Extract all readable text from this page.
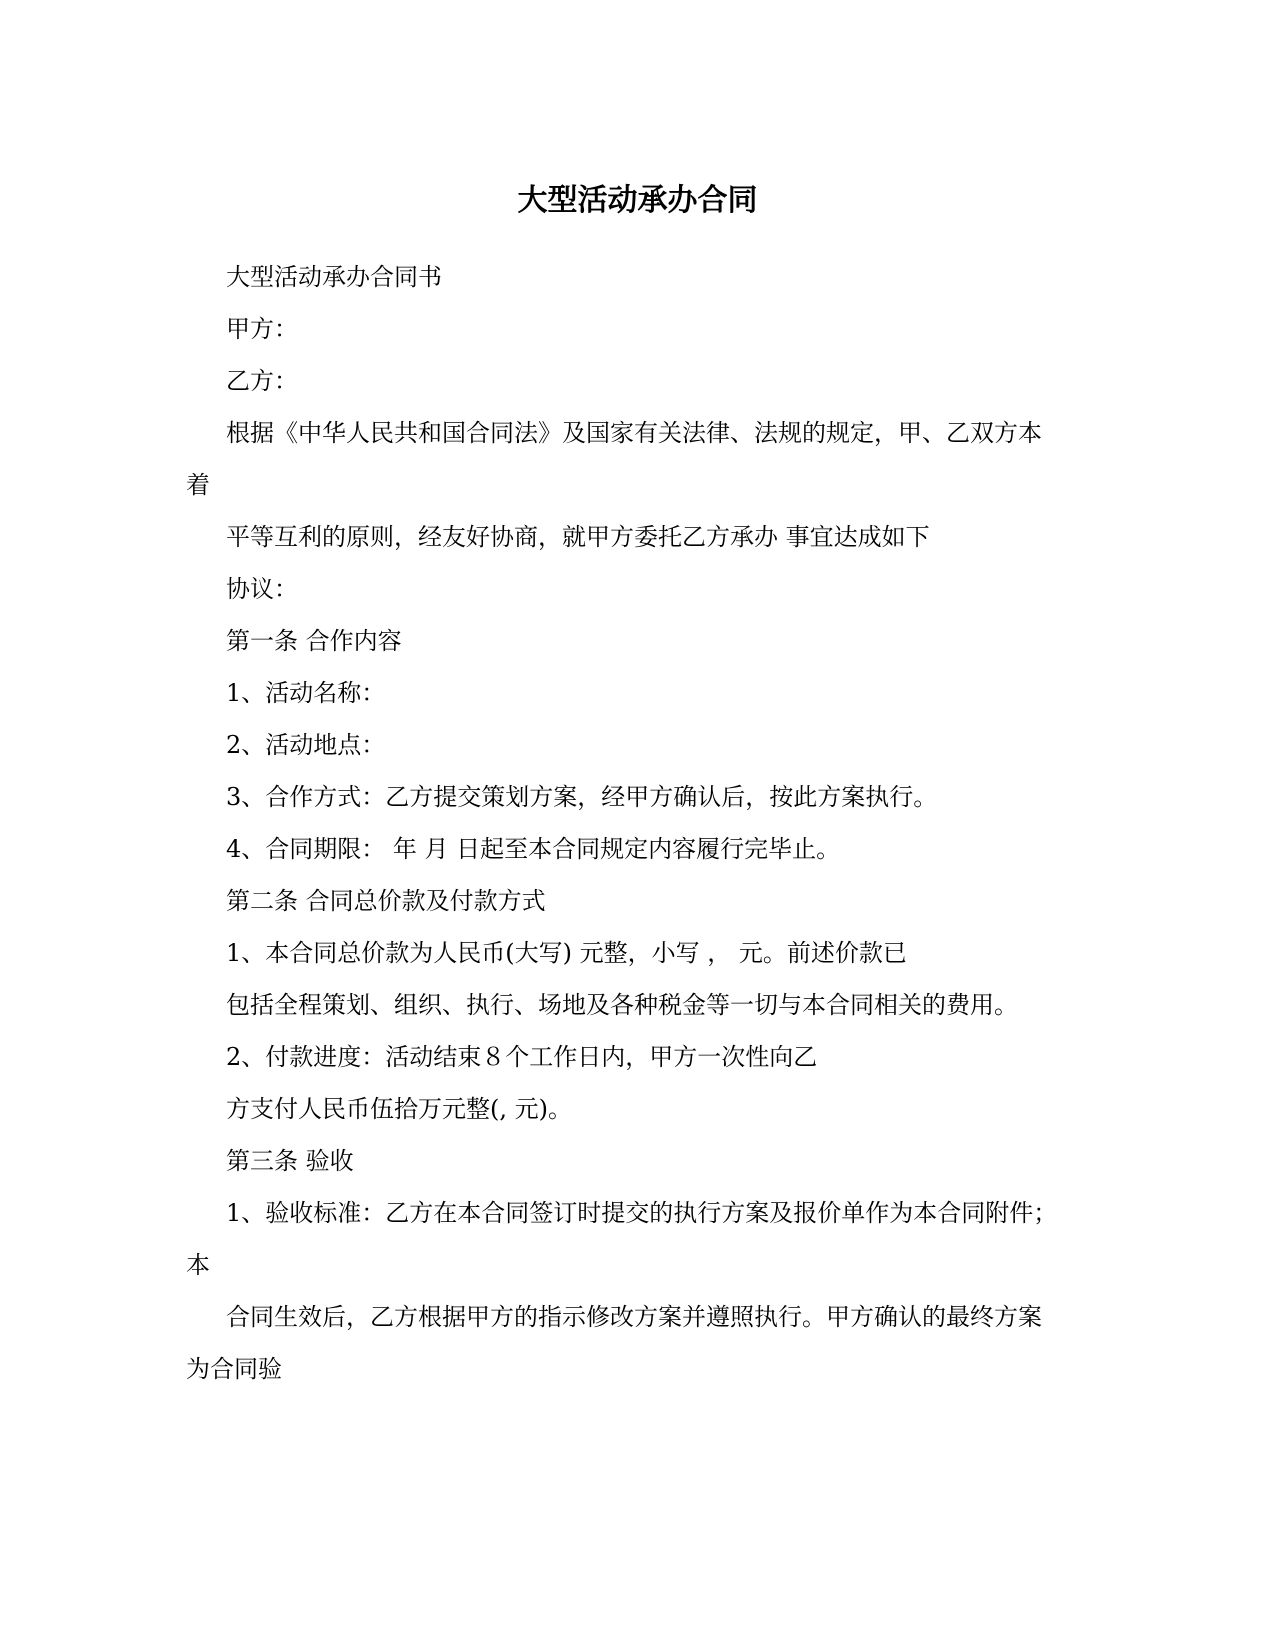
大型活动承办合同
大型活动承办合同书
甲方：
乙方：
根据《中华人民共和国合同法》及国家有关法律、法规的规定，甲、乙双方本
着
平等互利的原则，经友好协商，就甲方委托乙方承办 事宜达成如下
协议：
第一条 合作内容
1、活动名称：
2、活动地点：
3、合作方式：乙方提交策划方案，经甲方确认后，按此方案执行。
4、合同期限： 年 月 日起至本合同规定内容履行完毕止。
第二条 合同总价款及付款方式
1、本合同总价款为人民币(大写) 元整，小写 ， 元。前述价款已
包括全程策划、组织、执行、场地及各种税金等一切与本合同相关的费用。
2、付款进度：活动结束８个工作日内，甲方一次性向乙
方支付人民币伍拾万元整(, 元)。
第三条 验收
1、验收标准：乙方在本合同签订时提交的执行方案及报价单作为本合同附件；
本
合同生效后，乙方根据甲方的指示修改方案并遵照执行。甲方确认的最终方案
为合同验
